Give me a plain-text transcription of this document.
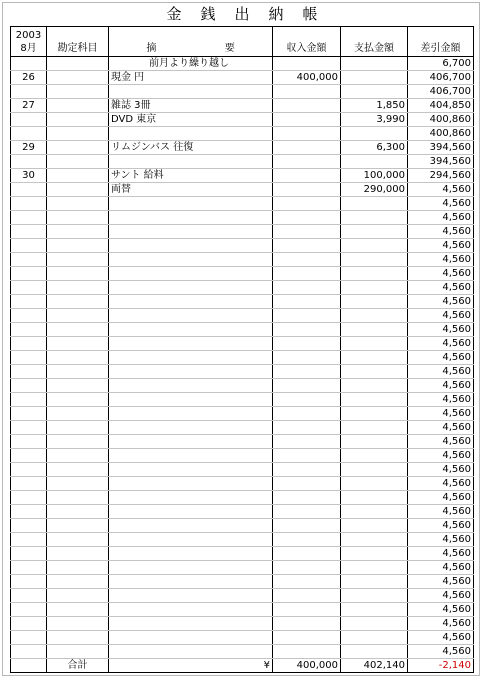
金銭出納帳
2003
8月	勘定科目	摘 要	収入金額	支払金額	差引金額
		前月より繰り越し			6,700
26		現金 円	400,000		406,700
					406,700
27		雑誌 3冊		1,850	404,850
		DVD 東京		3,990	400,860
					400,860
29		リムジンバス 往復		6,300	394,560
					394,560
30		サント 給料		100,000	294,560
		両替		290,000	4,560
					4,560
					4,560
					4,560
					4,560
					4,560
					4,560
					4,560
					4,560
					4,560
					4,560
					4,560
					4,560
					4,560
					4,560
					4,560
					4,560
					4,560
					4,560
					4,560
					4,560
					4,560
					4,560
					4,560
					4,560
					4,560
					4,560
					4,560
					4,560
					4,560
					4,560
					4,560
					4,560
					4,560
	合計	¥	400,000	402,140	-2,140
